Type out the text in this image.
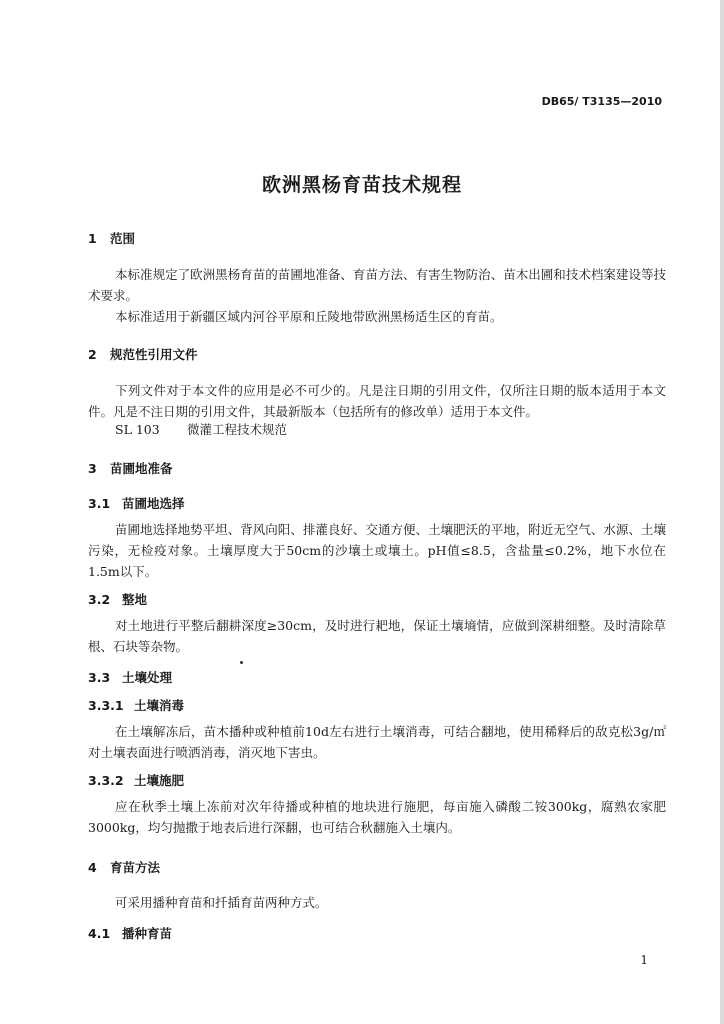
DB65/ T3135—2010
欧洲黑杨育苗技术规程
1 范围
本标准规定了欧洲黑杨育苗的苗圃地准备、育苗方法、有害生物防治、苗木出圃和技术档案建设等技术要求。
本标准适用于新疆区域内河谷平原和丘陵地带欧洲黑杨适生区的育苗。
2 规范性引用文件
下列文件对于本文件的应用是必不可少的。凡是注日期的引用文件，仅所注日期的版本适用于本文件。凡是不注日期的引用文件，其最新版本（包括所有的修改单）适用于本文件。
SL 103 微灌工程技术规范
3 苗圃地准备
3.1 苗圃地选择
苗圃地选择地势平坦、背风向阳、排灌良好、交通方便、土壤肥沃的平地，附近无空气、水源、土壤污染，无检疫对象。土壤厚度大于50cm的沙壤土或壤土。pH值≤8.5，含盐量≤0.2%，地下水位在1.5m以下。
3.2 整地
对土地进行平整后翻耕深度≥30cm，及时进行耙地，保证土壤墒情，应做到深耕细整。及时清除草根、石块等杂物。
3.3 土壤处理
3.3.1 土壤消毒
在土壤解冻后，苗木播种或种植前10d左右进行土壤消毒，可结合翻地，使用稀释后的敌克松3g/㎡对土壤表面进行喷洒消毒，消灭地下害虫。
3.3.2 土壤施肥
应在秋季土壤上冻前对次年待播或种植的地块进行施肥，每亩施入磷酸二铵300kg，腐熟农家肥3000kg，均匀抛撒于地表后进行深翻，也可结合秋翻施入土壤内。
4 育苗方法
可采用播种育苗和扦插育苗两种方式。
4.1 播种育苗
1
